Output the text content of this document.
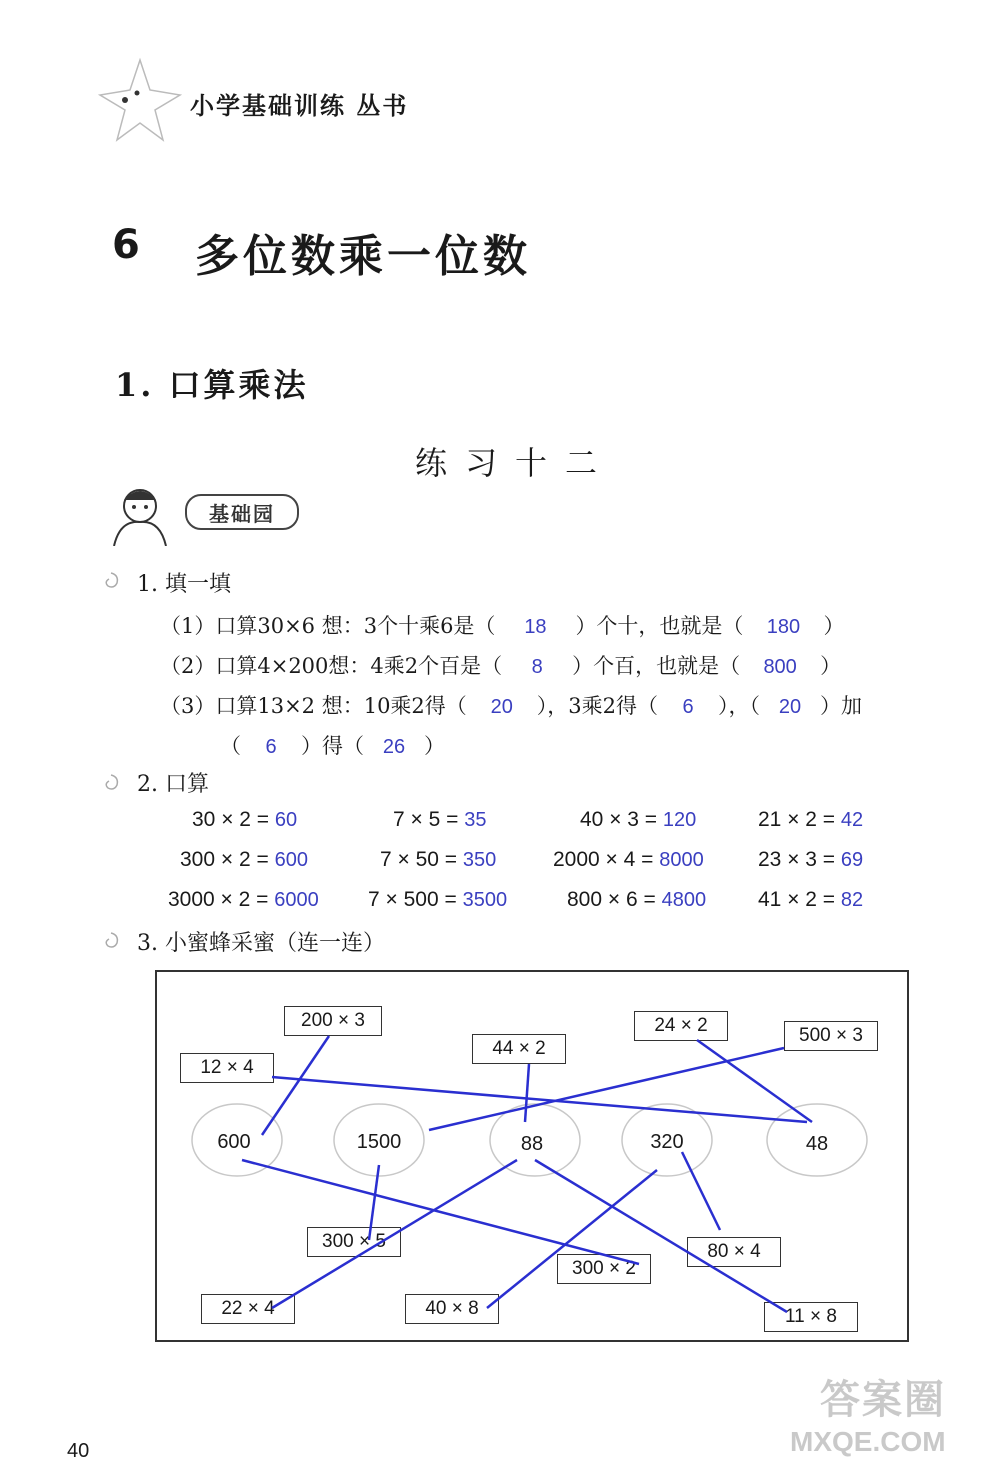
小学基础训练 丛书
6 多位数乘一位数
1. 口算乘法
练习十二
基础园
1. 填一填
（1）口算30×6 想：3个十乘6是（ 18 ）个十，也就是（ 180 ）
（2）口算4×200想：4乘2个百是（ 8 ）个百，也就是（ 800 ）
（3）口算13×2 想：10乘2得（ 20 ），3乘2得（ 6 ），（ 20 ）加
（ 6 ）得（ 26 ）
2. 口算
30 × 2 = 60	7 × 5 = 35	40 × 3 = 120	21 × 2 = 42
300 × 2 = 600	7 × 50 = 350	2000 × 4 = 8000	23 × 3 = 69
3000 × 2 = 6000 7 × 500 = 3500	800 × 6 = 4800 41 × 2 = 82
3. 小蜜蜂采蜜（连一连）
200 × 3
12 × 4
44 × 2
24 × 2	500 × 3
600	1500	88	320	48
300 × 5
300 × 2
80 × 4
22 × 4	40 × 8	11 × 8
40
答案圈
MXQE.COM
